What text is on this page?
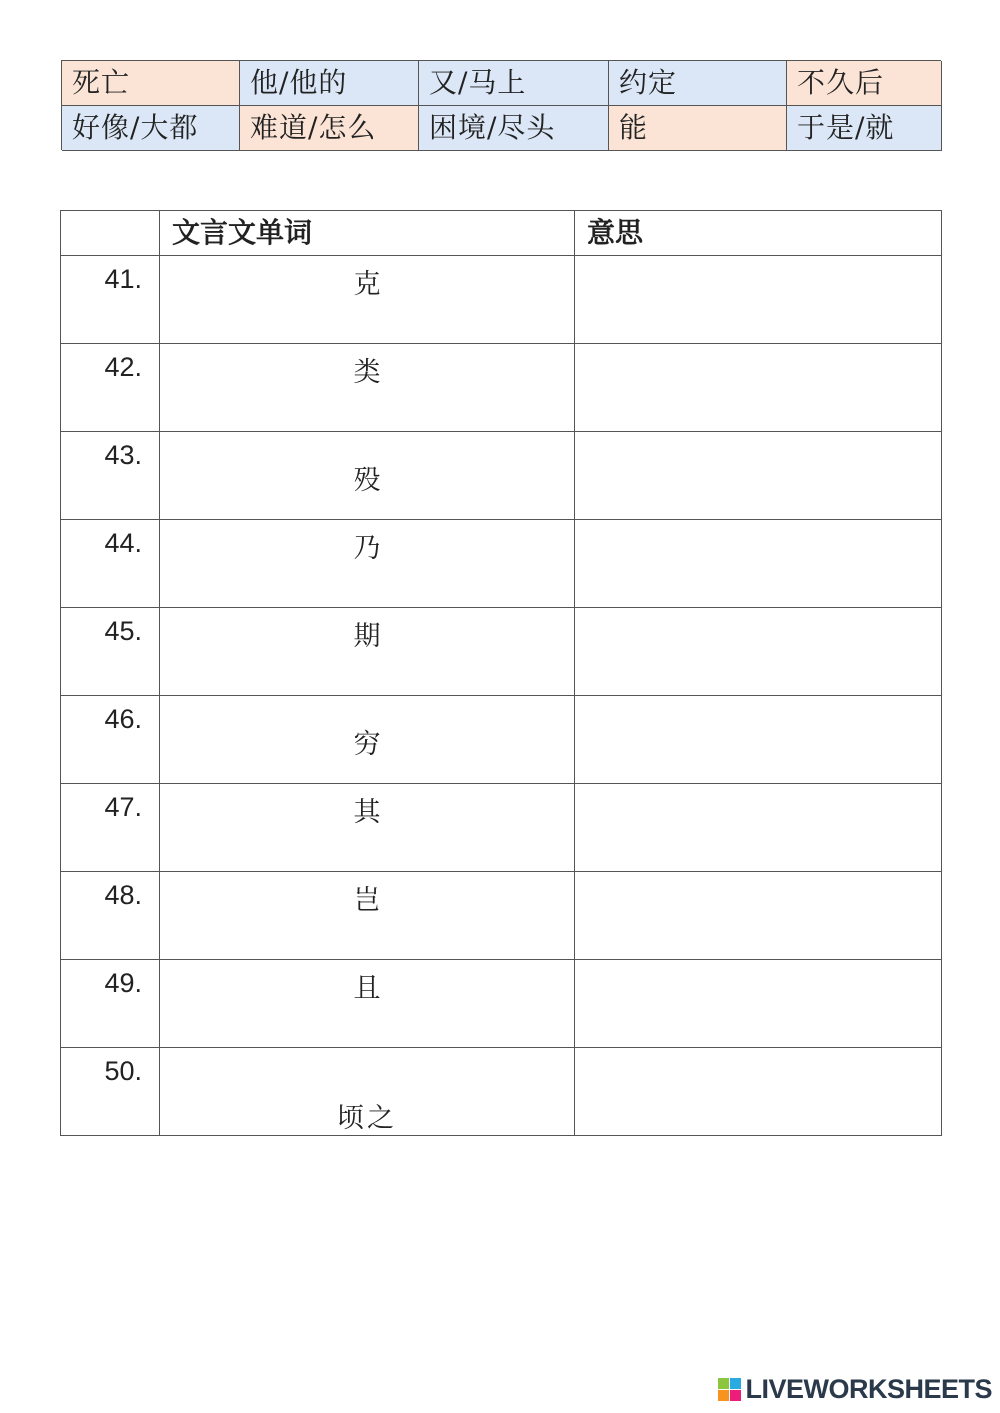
死亡	他/他的	又/马上	约定	不久后
好像/大都	难道/怎么	困境/尽头	能	于是/就
	文言文单词	意思
41.	克	

42.	类	

43.	殁	

44.	乃	

45.	期	

46.	穷	

47.	其	

48.	岂	

49.	且	

50.	顷之	

LIVEWORKSHEETS
